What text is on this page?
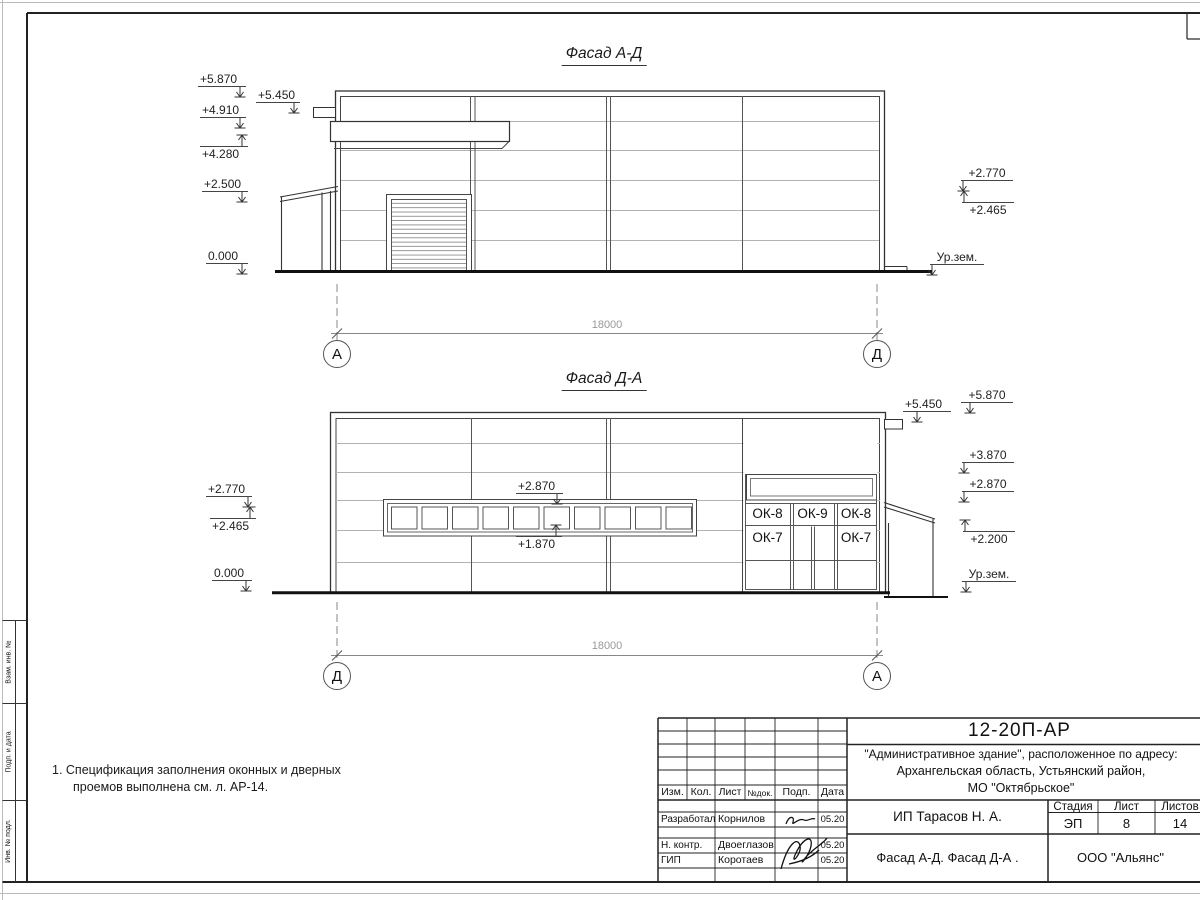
Фасад А-Д
Фасад Д-А
+5.870
+5.450
+4.910
+4.280
+2.500
0.000
+2.770
+2.465
Ур.зем.
18000
А	Д
+2.770
+2.465
0.000
+2.870
+1.870
+5.450
+5.870
+3.870
+2.870
+2.200
Ур.зем.
ОК-8	ОК-9 ОК-8
ОК-7	ОК-7
18000
Д	А
1. Спецификация заполнения оконных и дверных
проемов выполнена см. л. АР-14.
Взам. инв. №
Подп. и дата
Инв. № подл.
12-20П-АР
"Административное здание", расположенное по адресу:
Архангельская область, Устьянский район,
МО "Октябрьское"
Изм. Кол. Лист №док. Подп. Дата
Разработал Корнилов	05.20
Н. контр.	Двоеглазов	05.20
ГИП	Коротаев	05.20
Стадия	Лист	Листов
ЭП	8	14
ИП Тарасов Н. А.
Фасад А-Д. Фасад Д-А .	ООО "Альянс"
